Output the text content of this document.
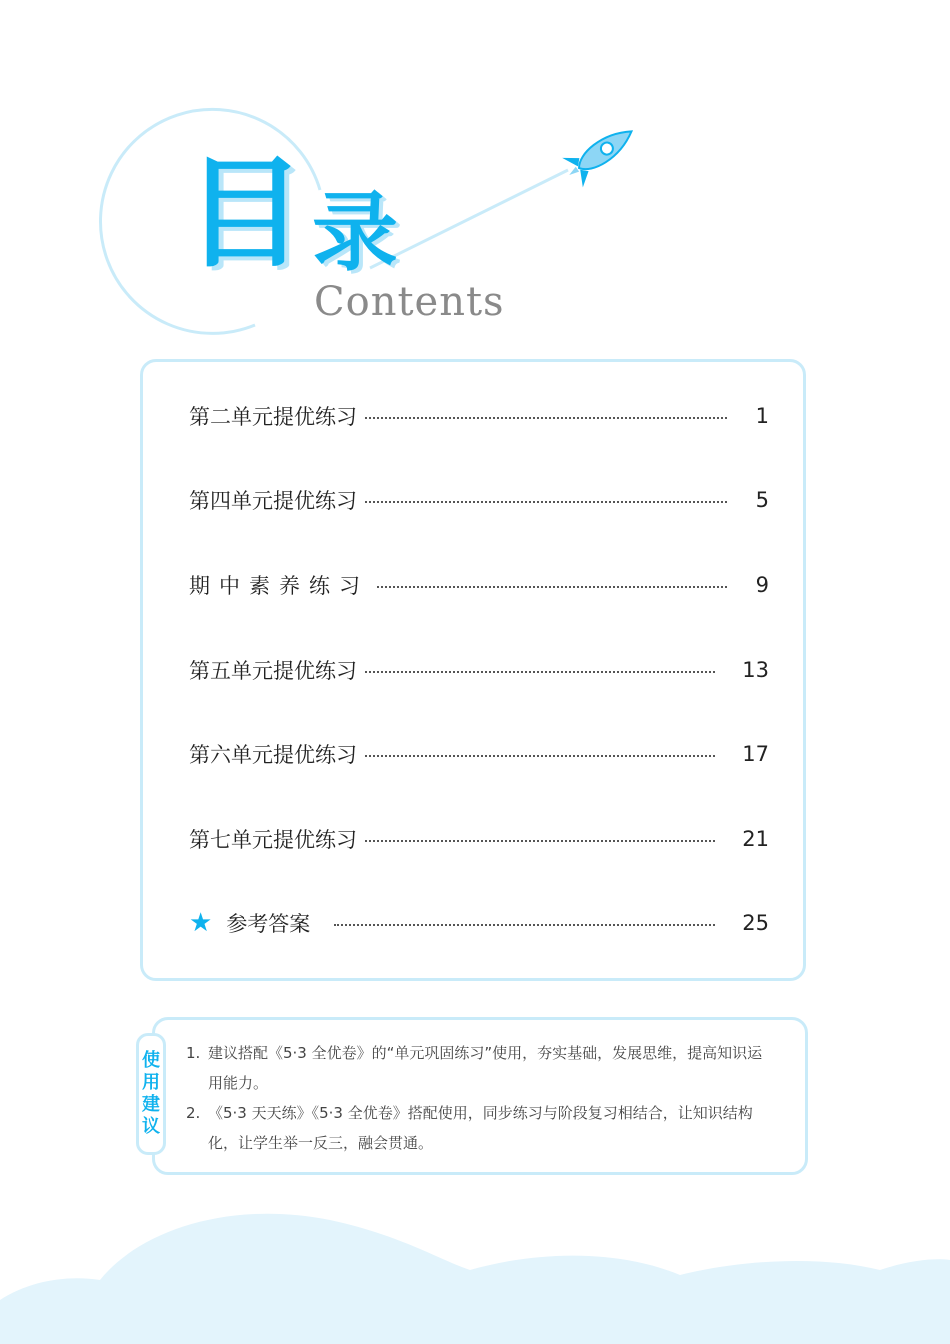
目 录
Contents
第二单元提优练习	1
第四单元提优练习	5
期中素养练习	9
第五单元提优练习	13
第六单元提优练习	17
第七单元提优练习	21
★ 参考答案	25
使
用
建
议
1. 建议搭配《5·3 全优卷》的“单元巩固练习”使用，夯实基础，发展思维，提高知识运用能力。
2. 《5·3 天天练》《5·3 全优卷》搭配使用，同步练习与阶段复习相结合，让知识结构化，让学生举一反三，融会贯通。
